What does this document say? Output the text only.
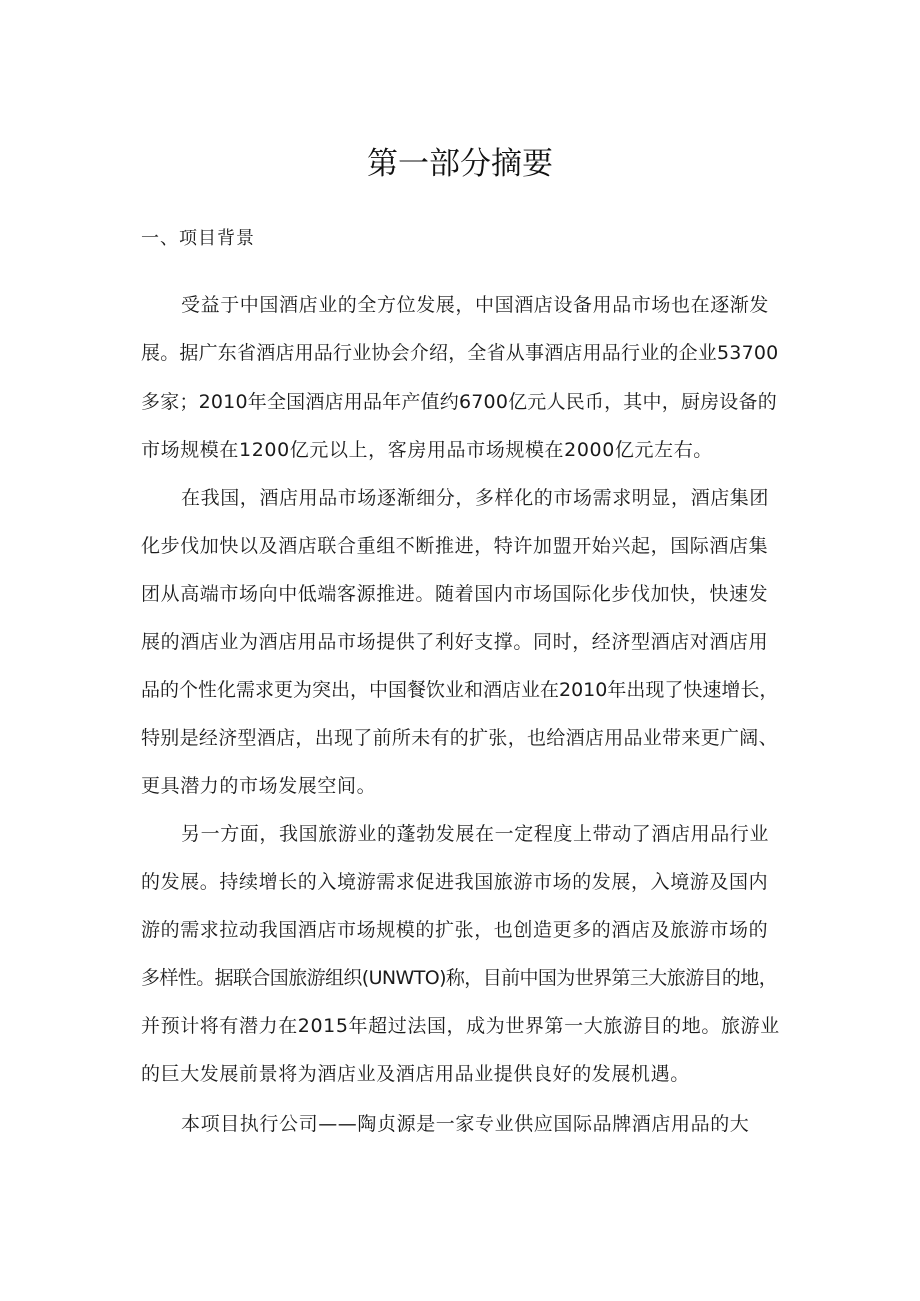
第一部分摘要
一、项目背景
受益于中国酒店业的全方位发展，中国酒店设备用品市场也在逐渐发
展。据广东省酒店用品行业协会介绍，全省从事酒店用品行业的企业53700
多家；2010年全国酒店用品年产值约6700亿元人民币，其中，厨房设备的
市场规模在1200亿元以上，客房用品市场规模在2000亿元左右。
在我国，酒店用品市场逐渐细分，多样化的市场需求明显，酒店集团
化步伐加快以及酒店联合重组不断推进，特许加盟开始兴起，国际酒店集
团从高端市场向中低端客源推进。随着国内市场国际化步伐加快，快速发
展的酒店业为酒店用品市场提供了利好支撑。同时，经济型酒店对酒店用
品的个性化需求更为突出，中国餐饮业和酒店业在2010年出现了快速增长，
特别是经济型酒店，出现了前所未有的扩张，也给酒店用品业带来更广阔、
更具潜力的市场发展空间。
另一方面，我国旅游业的蓬勃发展在一定程度上带动了酒店用品行业
的发展。持续增长的入境游需求促进我国旅游市场的发展，入境游及国内
游的需求拉动我国酒店市场规模的扩张，也创造更多的酒店及旅游市场的
多样性。据联合国旅游组织(UNWTO)称，目前中国为世界第三大旅游目的地，
并预计将有潜力在2015年超过法国，成为世界第一大旅游目的地。旅游业
的巨大发展前景将为酒店业及酒店用品业提供良好的发展机遇。
本项目执行公司——陶贞源是一家专业供应国际品牌酒店用品的大
